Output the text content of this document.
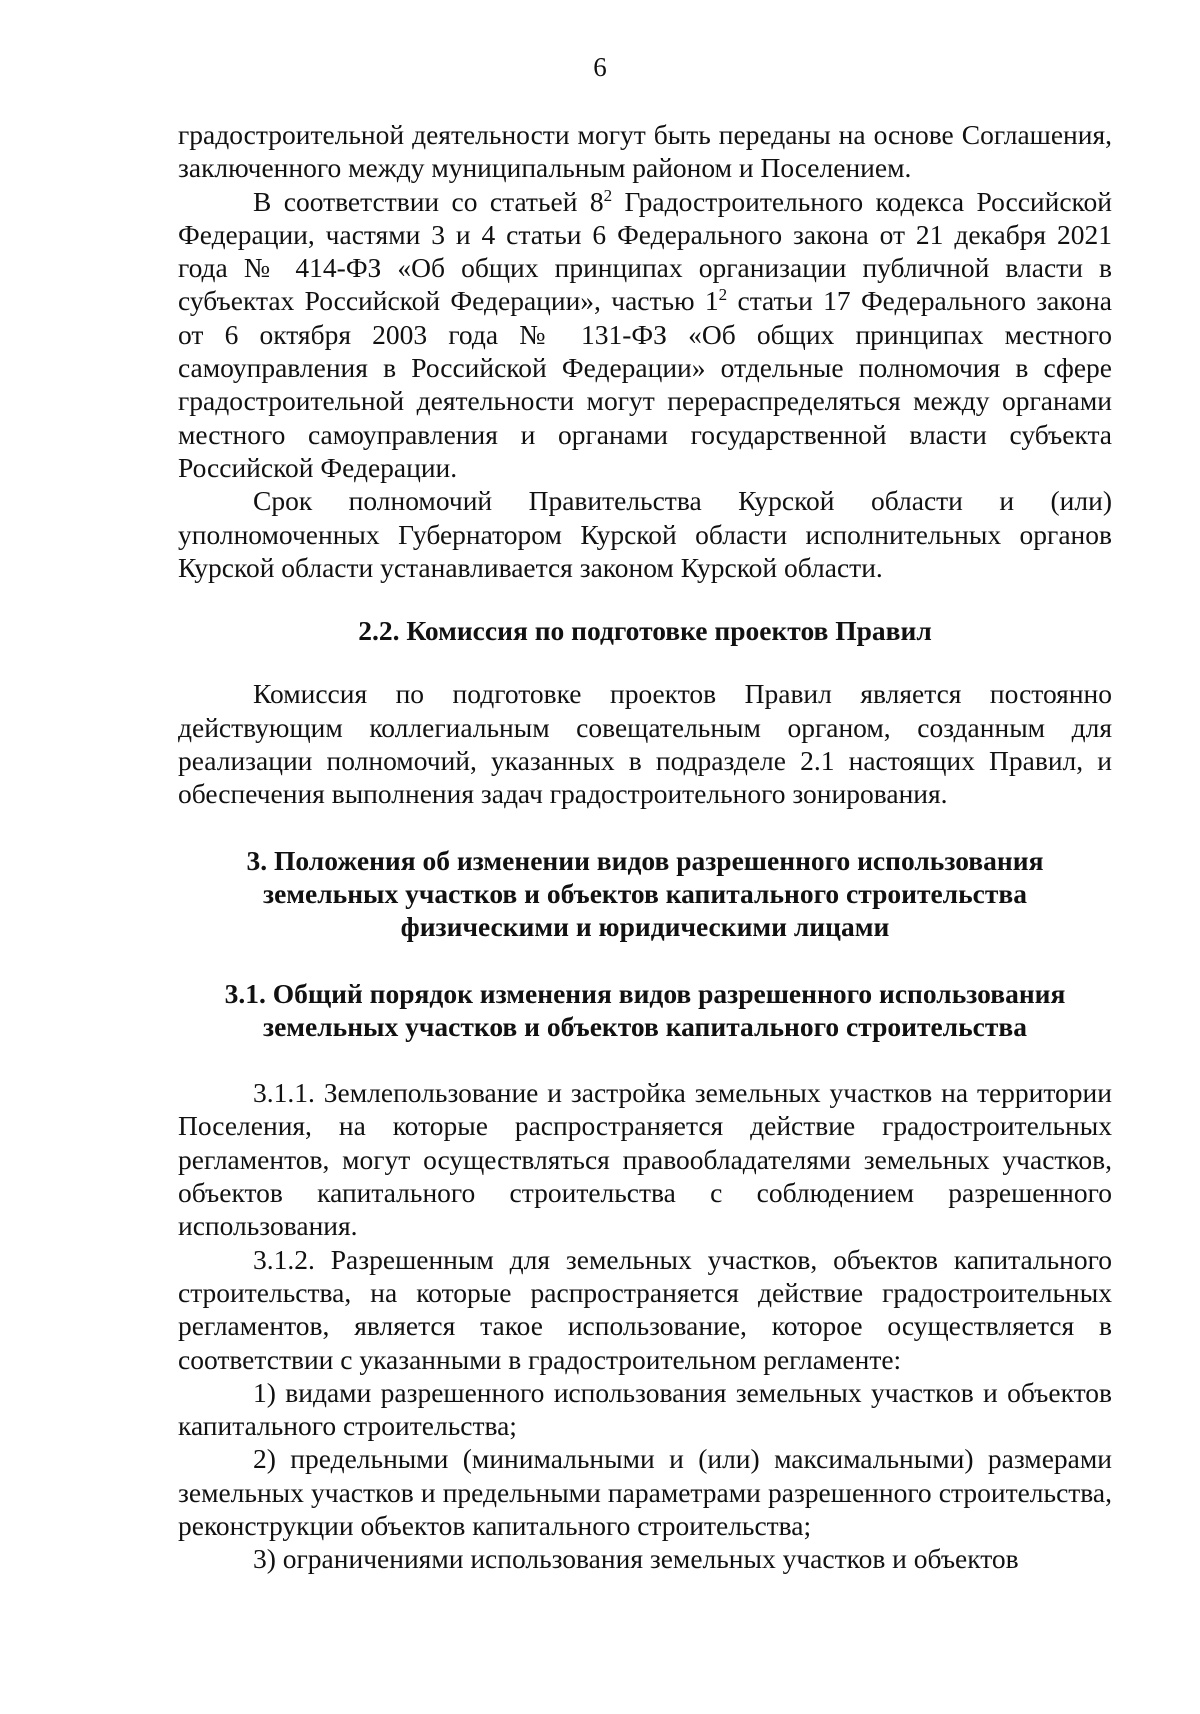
6

градостроительной деятельности могут быть переданы на основе Соглашения, заключенного между муниципальным районом и Поселением.

В соответствии со статьей $8^2$ Градостроительного кодекса Российской Федерации, частями 3 и 4 статьи 6 Федерального закона от 21 декабря 2021 года № 414-ФЗ «Об общих принципах организации публичной власти в субъектах Российской Федерации», частью $1^2$ статьи 17 Федерального закона от 6 октября 2003 года № 131-ФЗ «Об общих принципах местного самоуправления в Российской Федерации» отдельные полномочия в сфере градостроительной деятельности могут перераспределяться между органами местного самоуправления и органами государственной власти субъекта Российской Федерации.

Срок полномочий Правительства Курской области и (или) уполномоченных Губернатором Курской области исполнительных органов Курской области устанавливается законом Курской области.

2.2. Комиссия по подготовке проектов Правил

Комиссия по подготовке проектов Правил является постоянно действующим коллегиальным совещательным органом, созданным для реализации полномочий, указанных в подразделе 2.1 настоящих Правил, и обеспечения выполнения задач градостроительного зонирования.

3. Положения об изменении видов разрешенного использования
земельных участков и объектов капитального строительства
физическими и юридическими лицами
3.1. Общий порядок изменения видов разрешенного использования
земельных участков и объектов капитального строительства

3.1.1. Землепользование и застройка земельных участков на территории Поселения, на которые распространяется действие градостроительных регламентов, могут осуществляться правообладателями земельных участков, объектов капитального строительства с соблюдением разрешенного использования.

3.1.2. Разрешенным для земельных участков, объектов капитального строительства, на которые распространяется действие градостроительных регламентов, является такое использование, которое осуществляется в соответствии с указанными в градостроительном регламенте:

1) видами разрешенного использования земельных участков и объектов капитального строительства;

2) предельными (минимальными и (или) максимальными) размерами земельных участков и предельными параметрами разрешенного строительства, реконструкции объектов капитального строительства;

3) ограничениями использования земельных участков и объектов
